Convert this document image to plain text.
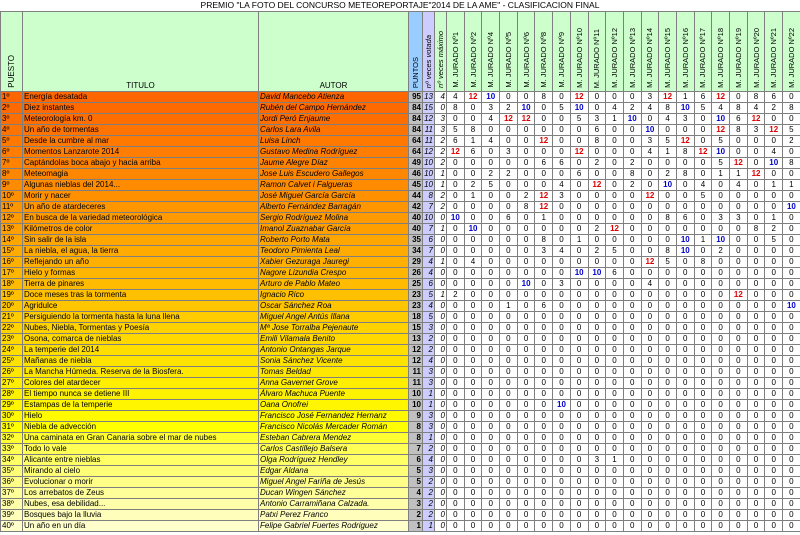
PREMIO "LA FOTO DEL CONCURSO METEOREPORTAJE"2014 DE LA AME" - CLASIFICACION FINAL
PUESTO	TITULO	AUTOR	PUNTOS	nº veces votada	nº veces máximo	M. JURADO Nº1	M. JURADO Nº2	M. JURADO Nº4	M. JURADO Nº5	M. JURADO Nº6	M. JURADO Nº8	M. JURADO Nº9	M. JURADO Nº10	M. JURADO Nº11	M. JURADO Nº12	M. JURADO Nº13	M. JURADO Nº14	M. JURADO Nº15	M. JURADO Nº16	M. JURADO Nº17	M. JURADO Nº18	M. JURADO Nº19	M. JURADO Nº20	M. JURADO Nº21	M. JURADO Nº22
1º	Energía desatada	David Mancebo Atienza	95	13	4	4	12	10	0	0	8	0	12	0	0	0	3	12	1	6	12	0	8	6	0
2º	Diez instantes	Rubén del Campo Hernández	84	15	0	8	0	3	2	10	0	5	10	0	4	2	4	8	10	5	4	8	4	2	8
3º	Meteorología km. 0	Jordi Peró Enjaume	84	12	3	0	0	4	12	12	0	0	5	3	1	10	0	4	3	0	10	6	12	0	0
4º	Un año de tormentas	Carlos Lara Avila	84	11	3	5	8	0	0	0	0	0	0	6	0	0	10	0	0	0	12	8	3	12	5
5º	Desde la cumbre al mar	Luisa Linch	64	11	2	6	1	4	0	0	12	0	0	8	0	0	3	5	12	0	5	0	0	0	2
6º	Momentos Lanzarote 2014	Gustavo Medina Rodríguez	64	12	2	12	6	0	3	0	0	0	12	0	0	0	4	1	8	12	10	0	0	4	0
7º	Captándolas boca abajo y hacia arriba	Jaume Alegre Díaz	49	10	2	0	0	0	0	0	6	6	0	2	0	2	0	0	0	0	5	12	0	10	8
8º	Meteomagia	Jose Luis Escudero Gallegos	46	10	1	0	0	2	2	0	0	0	6	0	0	8	0	2	8	0	1	1	12	0	0
9º	Algunas nieblas del 2014...	Ramon Calvet i Falgueras	45	10	1	0	2	5	0	0	0	4	0	12	0	2	0	10	0	4	0	4	0	1	1
10º	Morir y nacer	José Miguel García García	44	8	2	0	1	0	0	2	12	3	0	0	0	0	12	0	0	5	0	0	0	0	0
11º	Un año de atardeceres	Alberto Fernández Barragán	42	7	2	0	0	0	0	8	12	0	0	0	0	0	0	0	0	0	0	0	0	0	10
12º	En busca de la variedad meteorológica	Sergio Rodríguez Molina	40	10	0	10	0	0	6	0	1	0	0	0	0	0	0	8	6	0	3	3	0	1	0
13º	Kilómetros de color	Imanol Zuaznabar García	40	7	1	0	10	0	0	0	0	0	0	2	12	0	0	0	0	0	0	0	8	2	0
14º	Sin salir de la isla	Roberto Porto Mata	35	6	0	0	0	0	0	0	8	0	1	0	0	0	0	0	10	1	10	0	0	5	0
15º	La niebla, el agua, la tierra	Teodoro Pimienta Leal	34	7	0	0	0	0	0	0	3	4	0	2	5	0	0	8	10	0	2	0	0	0	0
16º	Reflejando un año	Xabier Gezuraga Jauregi	29	4	1	0	4	0	0	0	0	0	0	0	0	0	12	5	0	8	0	0	0	0	0
17º	Hielo y formas	Nagore Lizundia Crespo	26	4	0	0	0	0	0	0	0	0	10	10	6	0	0	0	0	0	0	0	0	0	0
18º	Tierra de pinares	Arturo de Pablo Mateo	25	6	0	0	0	0	0	10	0	3	0	0	0	0	4	0	0	0	0	0	0	0	0
19º	Doce meses tras la tormenta	Ignacio Rico	23	5	1	2	0	0	0	0	0	0	0	0	0	0	0	0	0	0	0	12	0	0	0
20º	Agridulce	Oscar Sánchez Roa	23	4	0	0	0	0	1	0	6	0	0	0	0	0	0	0	0	0	0	0	0	0	10
21º	Persiguiendo la tormenta hasta la luna llena	Miguel Angel Antús Illana	18	5	0	0	0	0	0	0	0	0	0	0	0	0	0	0	0	0	0	0	0	0	0
22º	Nubes, Niebla, Tormentas y Poesía	Mª Jose Torralba Pejenaute	15	3	0	0	0	0	0	0	0	0	0	0	0	0	0	0	0	0	0	0	0	0	0
23º	Osona, comarca de nieblas	Emili Vilamala Benito	13	2	0	0	0	0	0	0	0	0	0	0	0	0	0	0	0	0	0	0	0	0	0
24º	La temperie del 2014	Antonio Ontangas Jarque	12	2	0	0	0	0	0	0	0	0	0	0	0	0	0	0	0	0	0	0	0	0	0
25º	Mañanas de niebla	Sonia Sánchez Vicente	12	4	0	0	0	0	0	0	0	0	0	0	0	0	0	0	0	0	0	0	0	0	0
26º	La Mancha Húmeda. Reserva de la Biosfera.	Tomas Beldad	11	3	0	0	0	0	0	0	0	0	0	0	0	0	0	0	0	0	0	0	0	0	0
27º	Colores del atardecer	Anna Gavernet Grove	11	3	0	0	0	0	0	0	0	0	0	0	0	0	0	0	0	0	0	0	0	0	0
28º	El tiempo nunca se detiene III	Álvaro Machuca Puente	10	1	0	0	0	0	0	0	0	0	0	0	0	0	0	0	0	0	0	0	0	0	0
29º	Estampas de la temperie	Oana Onofrei	10	1	0	0	0	0	0	0	0	10	0	0	0	0	0	0	0	0	0	0	0	0	0
30º	Hielo	Francisco José Fernandez Hernanz	9	3	0	0	0	0	0	0	0	0	0	0	0	0	0	0	0	0	0	0	0	0	0
31º	Niebla de advección	Francisco Nicolás Mercader Román	8	3	0	0	0	0	0	0	0	0	0	0	0	0	0	0	0	0	0	0	0	0	0
32º	Una caminata en Gran Canaria sobre el mar de nubes	Esteban Cabrera Mendez	8	1	0	0	0	0	0	0	0	0	0	0	0	0	0	0	0	0	0	0	0	0	0
33º	Todo lo vale	Carlos Castillejo Balsera	7	2	0	0	0	0	0	0	0	0	0	0	0	0	0	0	0	0	0	0	0	0	0
34º	Alicante entre nieblas	Olga Rodríguez Hendley	6	4	0	0	0	0	0	0	0	0	0	3	1	0	0	0	0	0	0	0	0	0	0
35º	Mirando al cielo	Edgar Aldana	5	3	0	0	0	0	0	0	0	0	0	0	0	0	0	0	0	0	0	0	0	0	0
36º	Evolucionar o morir	Miguel Angel Fariña de Jesús	5	2	0	0	0	0	0	0	0	0	0	0	0	0	0	0	0	0	0	0	0	0	0
37º	Los arrebatos de Zeus	Ducan Wingen Sánchez	4	2	0	0	0	0	0	0	0	0	0	0	0	0	0	0	0	0	0	0	0	0	0
38º	Nubes, esa debilidad...	Antonio Carramiñana Calzada.	3	2	0	0	0	0	0	0	0	0	0	0	0	0	0	0	0	0	0	0	0	0	0
39º	Bosques bajo la lluvia	Patxi Perez Franco	2	2	0	0	0	0	0	0	0	0	0	0	0	0	0	0	0	0	0	0	0	0	0
40º	Un año en un día	Felipe Gabriel Fuertes Rodriguez	1	1	0	0	0	0	0	0	0	0	0	0	0	0	0	0	0	0	0	0	0	0	0
